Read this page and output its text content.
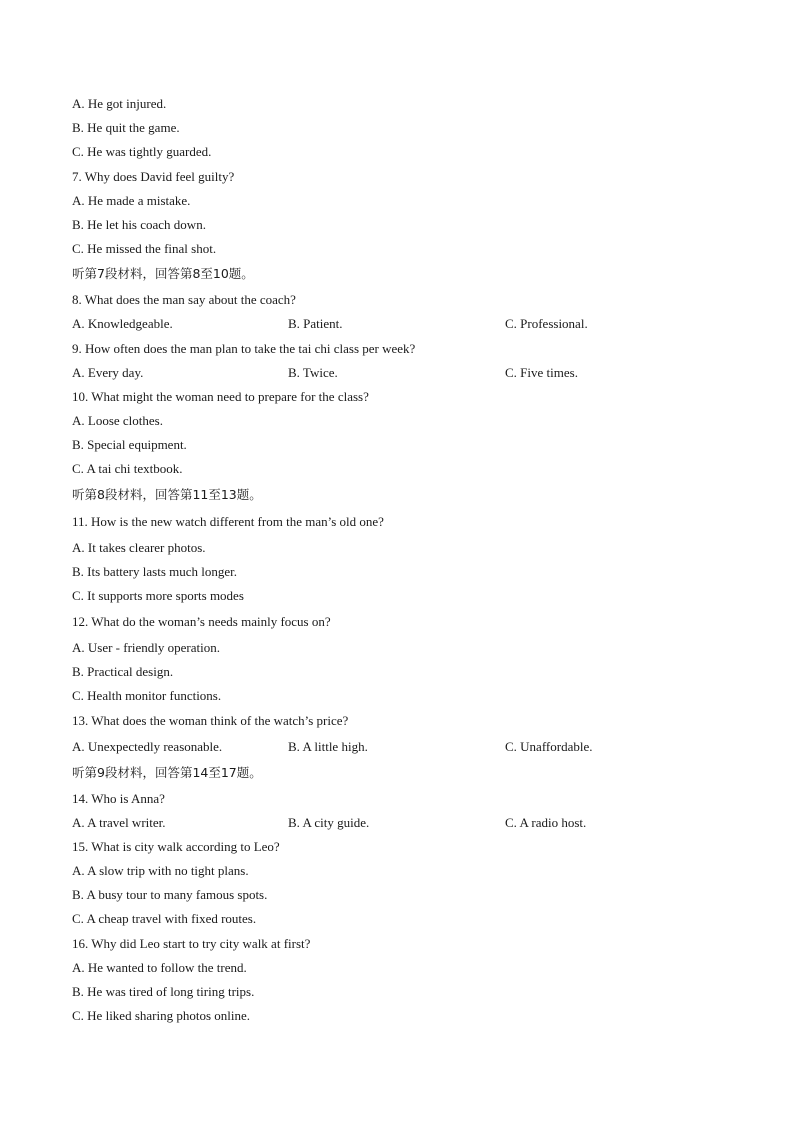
A. He got injured.
B. He quit the game.
C. He was tightly guarded.
7. Why does David feel guilty?
A. He made a mistake.
B. He let his coach down.
C. He missed the final shot.
听第7段材料，回答第8至10题。
8. What does the man say about the coach?
A. Knowledgeable.	B. Patient.	C. Professional.
9. How often does the man plan to take the tai chi class per week?
A. Every day.	B. Twice.	C. Five times.
10. What might the woman need to prepare for the class?
A. Loose clothes.
B. Special equipment.
C. A tai chi textbook.
听第8段材料，回答第11至13题。
11. How is the new watch different from the man’s old one?
A. It takes clearer photos.
B. Its battery lasts much longer.
C. It supports more sports modes
12. What do the woman’s needs mainly focus on?
A. User - friendly operation.
B. Practical design.
C. Health monitor functions.
13. What does the woman think of the watch’s price?
A. Unexpectedly reasonable.	B. A little high.	C. Unaffordable.
听第9段材料，回答第14至17题。
14. Who is Anna?
A. A travel writer.	B. A city guide.	C. A radio host.
15. What is city walk according to Leo?
A. A slow trip with no tight plans.
B. A busy tour to many famous spots.
C. A cheap travel with fixed routes.
16. Why did Leo start to try city walk at first?
A. He wanted to follow the trend.
B. He was tired of long tiring trips.
C. He liked sharing photos online.
